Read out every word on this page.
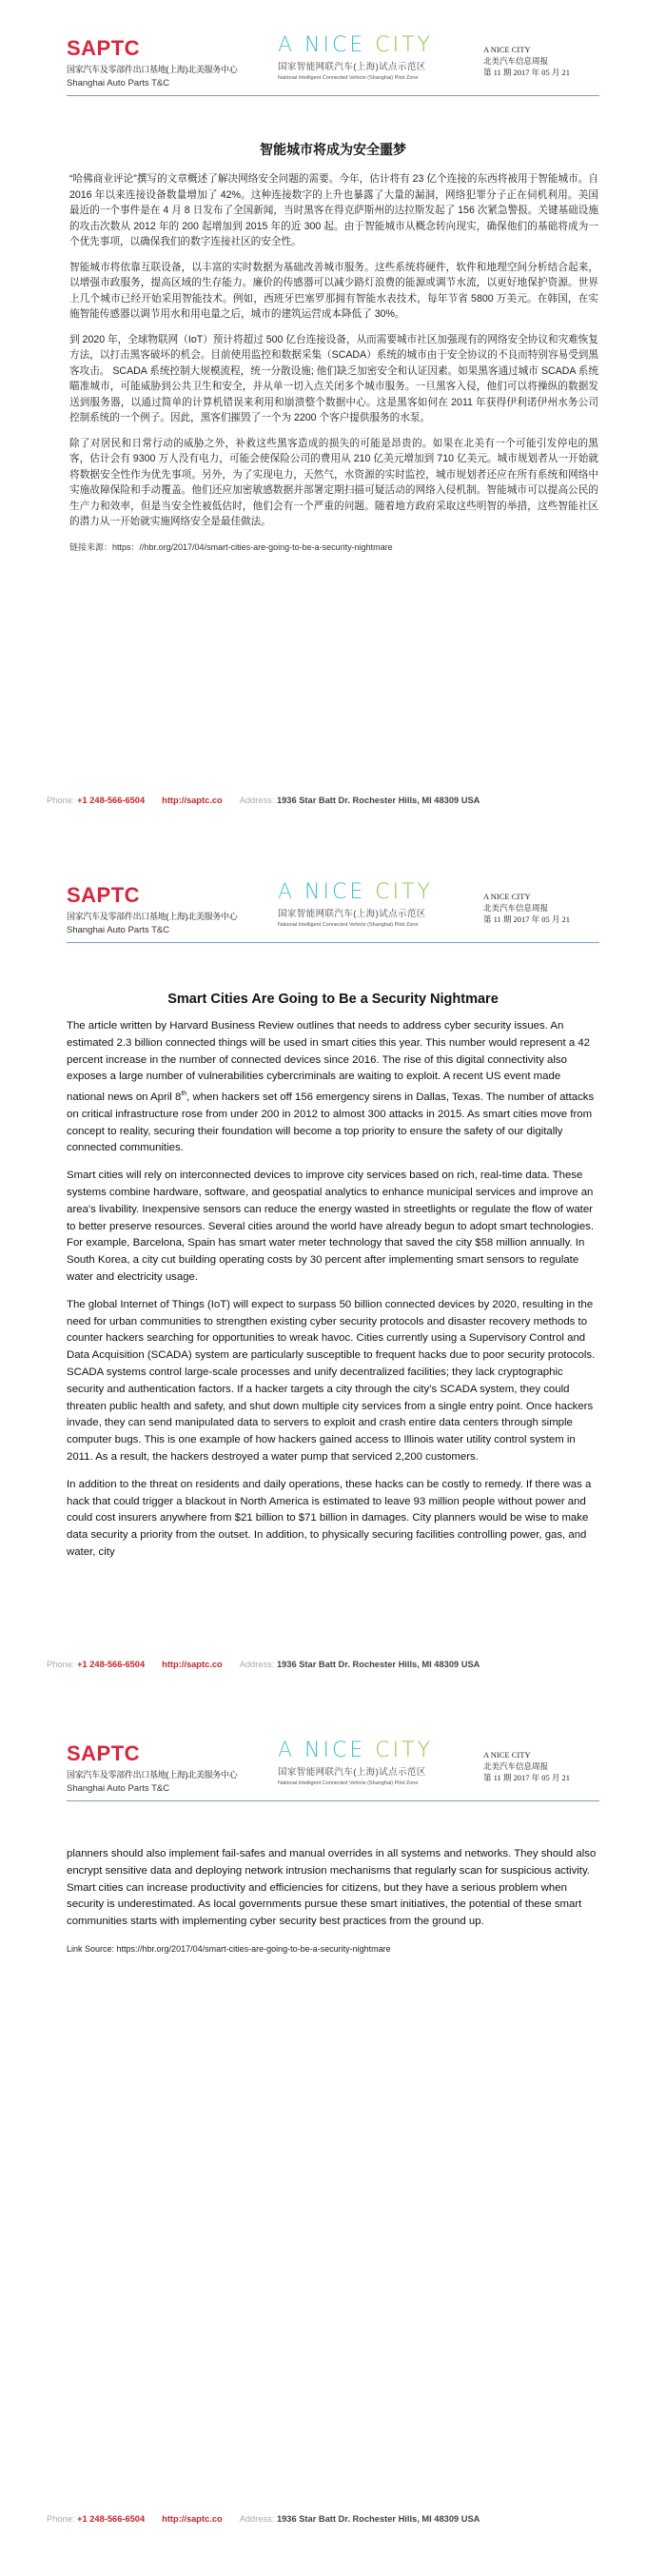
SAPTC
国家汽车及零部件出口基地(上海)北美服务中心
Shanghai Auto Parts T&C
A NICE CITY
国家智能网联汽车(上海)试点示范区
National Intelligent Connected Vehicle (Shanghai) Pilot Zone
A NICE CITY
北美汽车信息周报
第 11 期 2017 年 05 月 21
智能城市将成为安全噩梦

“哈佛商业评论”撰写的文章概述了解决网络安全问题的需要。今年，估计将有 23 亿个连接的东西将被用于智能城市。自 2016 年以来连接设备数量增加了 42%。这种连接数字的上升也暴露了大量的漏洞，网络犯罪分子正在伺机利用。美国最近的一个事件是在 4 月 8 日发布了全国新闻，当时黑客在得克萨斯州的达拉斯发起了 156 次紧急警报。关键基础设施的攻击次数从 2012 年的 200 起增加到 2015 年的近 300 起。由于智能城市从概念转向现实，确保他们的基础将成为一个优先事项，以确保我们的数字连接社区的安全性。

智能城市将依靠互联设备，以丰富的实时数据为基础改善城市服务。这些系统将硬件，软件和地理空间分析结合起来，以增强市政服务，提高区域的生存能力。廉价的传感器可以减少路灯浪费的能源或调节水流，以更好地保护资源。世界上几个城市已经开始采用智能技术。例如，西班牙巴塞罗那拥有智能水表技术，每年节省 5800 万美元。在韩国，在实施智能传感器以调节用水和用电量之后，城市的建筑运营成本降低了 30%。

到 2020 年，全球物联网（IoT）预计将超过 500 亿台连接设备，从而需要城市社区加强现有的网络安全协议和灾难恢复方法，以打击黑客破坏的机会。目前使用监控和数据采集（SCADA）系统的城市由于安全协议的不良而特别容易受到黑客攻击。 SCADA 系统控制大规模流程，统一分散设施; 他们缺乏加密安全和认证因素。如果黑客通过城市 SCADA 系统瞄准城市，可能威胁到公共卫生和安全，并从单一切入点关闭多个城市服务。一旦黑客入侵，他们可以将操纵的数据发送到服务器，以通过简单的计算机错误来利用和崩溃整个数据中心。这是黑客如何在 2011 年获得伊利诺伊州水务公司控制系统的一个例子。因此，黑客们摧毁了一个为 2200 个客户提供服务的水泵。

除了对居民和日常行动的威胁之外，补救这些黑客造成的损失的可能是昂贵的。如果在北美有一个可能引发停电的黑客，估计会有 9300 万人没有电力，可能会使保险公司的费用从 210 亿美元增加到 710 亿美元。城市规划者从一开始就将数据安全性作为优先事项。另外，为了实现电力，天然气，水资源的实时监控，城市规划者还应在所有系统和网络中实施故障保险和手动覆盖。他们还应加密敏感数据并部署定期扫描可疑活动的网络入侵机制。智能城市可以提高公民的生产力和效率，但是当安全性被低估时，他们会有一个严重的问题。随着地方政府采取这些明智的举措，这些智能社区的潜力从一开始就实施网络安全是最佳做法。

链接来源：https：//hbr.org/2017/04/smart-cities-are-going-to-be-a-security-nightmare
Phone: +1 248-566-6504 http://saptc.co Address: 1936 Star Batt Dr. Rochester Hills, MI 48309 USA
SAPTC
国家汽车及零部件出口基地(上海)北美服务中心
Shanghai Auto Parts T&C
A NICE CITY
国家智能网联汽车(上海)试点示范区
National Intelligent Connected Vehicle (Shanghai) Pilot Zone
A NICE CITY
北美汽车信息周报
第 11 期 2017 年 05 月 21
Smart Cities Are Going to Be a Security Nightmare

The article written by Harvard Business Review outlines that needs to address cyber security issues. An estimated 2.3 billion connected things will be used in smart cities this year. This number would represent a 42 percent increase in the number of connected devices since 2016. The rise of this digital connectivity also exposes a large number of vulnerabilities cybercriminals are waiting to exploit. A recent US event made national news on April 8th, when hackers set off 156 emergency sirens in Dallas, Texas. The number of attacks on critical infrastructure rose from under 200 in 2012 to almost 300 attacks in 2015. As smart cities move from concept to reality, securing their foundation will become a top priority to ensure the safety of our digitally connected communities.

Smart cities will rely on interconnected devices to improve city services based on rich, real-time data. These systems combine hardware, software, and geospatial analytics to enhance municipal services and improve an area’s livability. Inexpensive sensors can reduce the energy wasted in streetlights or regulate the flow of water to better preserve resources. Several cities around the world have already begun to adopt smart technologies. For example, Barcelona, Spain has smart water meter technology that saved the city $58 million annually. In South Korea, a city cut building operating costs by 30 percent after implementing smart sensors to regulate water and electricity usage.

The global Internet of Things (IoT) will expect to surpass 50 billion connected devices by 2020, resulting in the need for urban communities to strengthen existing cyber security protocols and disaster recovery methods to counter hackers searching for opportunities to wreak havoc. Cities currently using a Supervisory Control and Data Acquisition (SCADA) system are particularly susceptible to frequent hacks due to poor security protocols. SCADA systems control large-scale processes and unify decentralized facilities; they lack cryptographic security and authentication factors. If a hacker targets a city through the city’s SCADA system, they could threaten public health and safety, and shut down multiple city services from a single entry point. Once hackers invade, they can send manipulated data to servers to exploit and crash entire data centers through simple computer bugs. This is one example of how hackers gained access to Illinois water utility control system in 2011. As a result, the hackers destroyed a water pump that serviced 2,200 customers.

In addition to the threat on residents and daily operations, these hacks can be costly to remedy. If there was a hack that could trigger a blackout in North America is estimated to leave 93 million people without power and could cost insurers anywhere from $21 billion to $71 billion in damages. City planners would be wise to make data security a priority from the outset. In addition, to physically securing facilities controlling power, gas, and water, city

Phone: +1 248-566-6504 http://saptc.co Address: 1936 Star Batt Dr. Rochester Hills, MI 48309 USA
SAPTC
国家汽车及零部件出口基地(上海)北美服务中心
Shanghai Auto Parts T&C
A NICE CITY
国家智能网联汽车(上海)试点示范区
National Intelligent Connected Vehicle (Shanghai) Pilot Zone
A NICE CITY
北美汽车信息周报
第 11 期 2017 年 05 月 21

planners should also implement fail-safes and manual overrides in all systems and networks. They should also encrypt sensitive data and deploying network intrusion mechanisms that regularly scan for suspicious activity. Smart cities can increase productivity and efficiencies for citizens, but they have a serious problem when security is underestimated. As local governments pursue these smart initiatives, the potential of these smart communities starts with implementing cyber security best practices from the ground up.

Link Source: https://hbr.org/2017/04/smart-cities-are-going-to-be-a-security-nightmare
Phone: +1 248-566-6504 http://saptc.co Address: 1936 Star Batt Dr. Rochester Hills, MI 48309 USA
